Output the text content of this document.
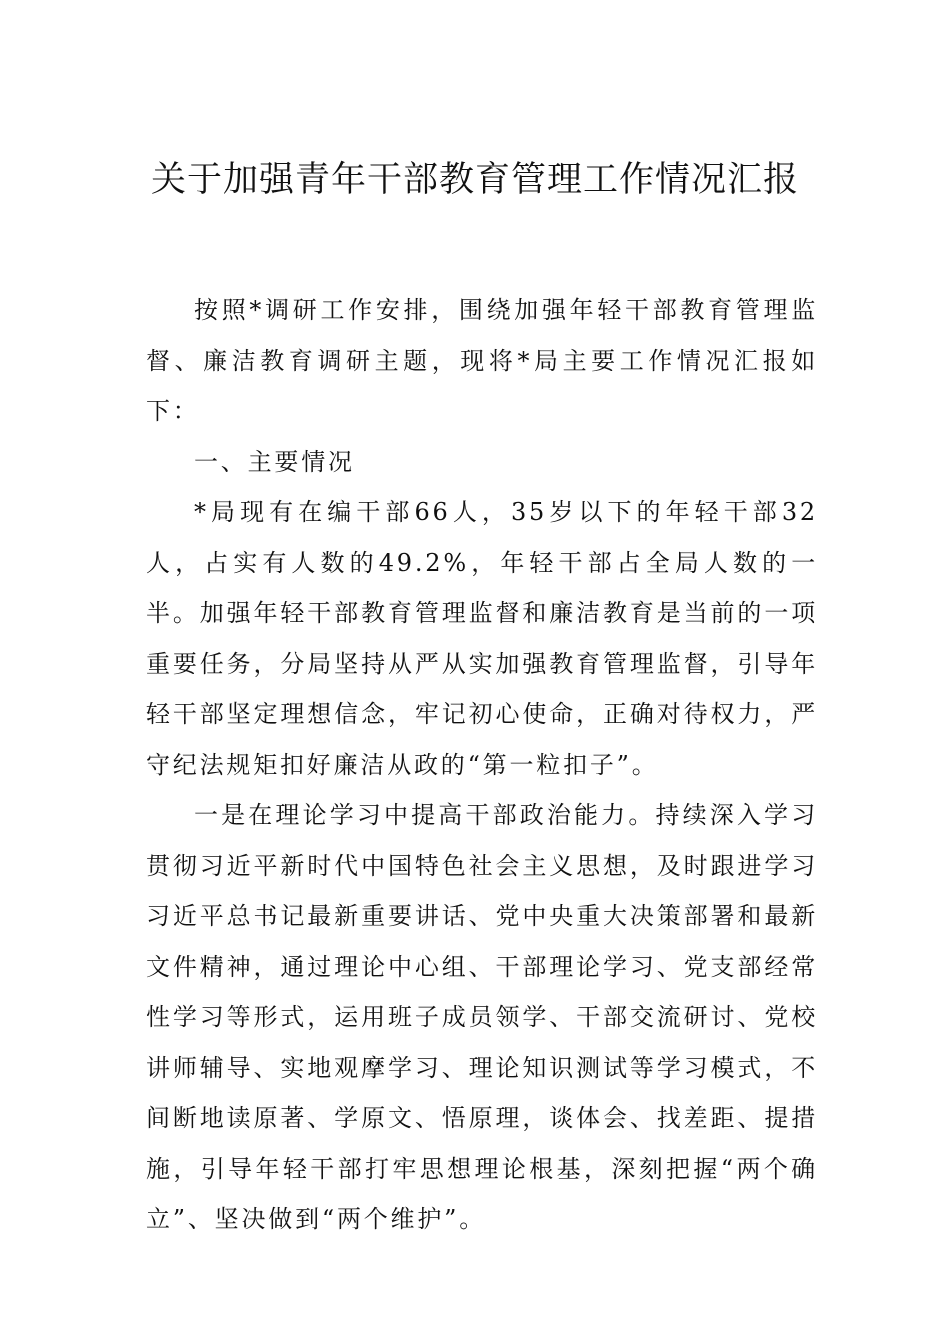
关于加强青年干部教育管理工作情况汇报

按照*调研工作安排，围绕加强年轻干部教育管理监督、廉洁教育调研主题，现将*局主要工作情况汇报如下：

一、主要情况

*局现有在编干部66人，35岁以下的年轻干部32人，占实有人数的49.2%，年轻干部占全局人数的一半。加强年轻干部教育管理监督和廉洁教育是当前的一项重要任务，分局坚持从严从实加强教育管理监督，引导年轻干部坚定理想信念，牢记初心使命，正确对待权力，严守纪法规矩扣好廉洁从政的“第一粒扣子”。

一是在理论学习中提高干部政治能力。持续深入学习贯彻习近平新时代中国特色社会主义思想，及时跟进学习习近平总书记最新重要讲话、党中央重大决策部署和最新文件精神，通过理论中心组、干部理论学习、党支部经常性学习等形式，运用班子成员领学、干部交流研讨、党校讲师辅导、实地观摩学习、理论知识测试等学习模式，不间断地读原著、学原文、悟原理，谈体会、找差距、提措施，引导年轻干部打牢思想理论根基，深刻把握“两个确立”、坚决做到“两个维护”。
